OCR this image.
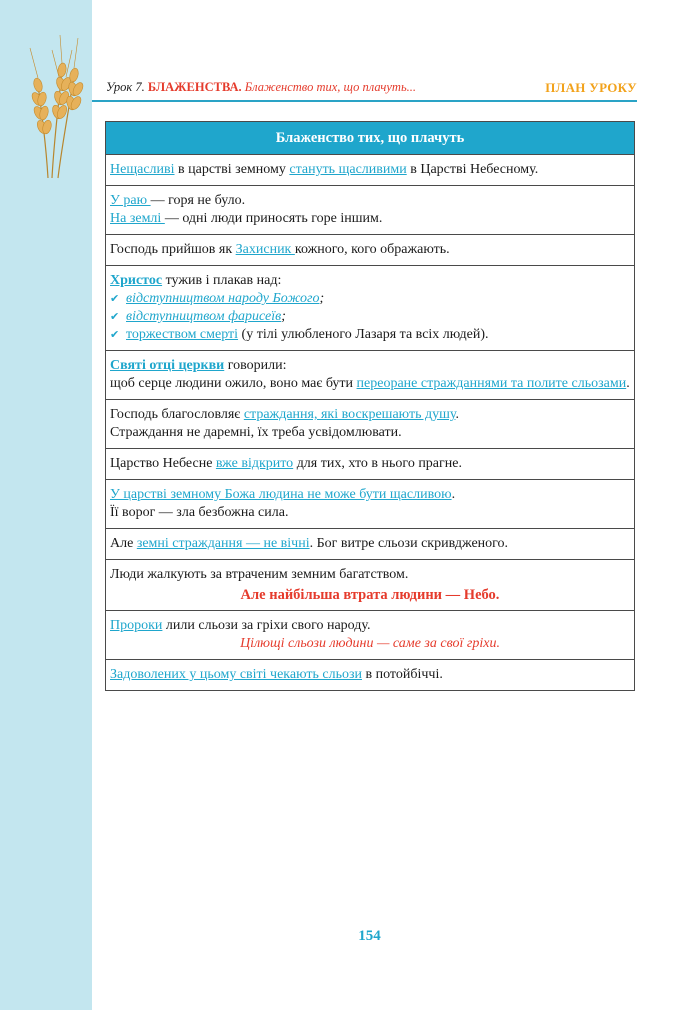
Урок 7. БЛАЖЕНСТВА. Блаженство тих, що плачуть...	ПЛАН УРОКУ
Блаженство тих, що плачуть
Нещасливі в царстві земному стануть щасливими в Царстві Небесному.

У раю — горя не було.
На землі — одні люди приносять горе іншим.

Господь прийшов як Захисник кожного, кого ображають.

Христос тужив і плакав над:
✔ відступництвом народу Божого;
✔ відступництвом фарисеїв;
✔ торжеством смерті (у тілі улюбленого Лазаря та всіх людей).

Святі отці церкви говорили:
щоб серце людини ожило, воно має бути переоране стражданнями та полите сльозами.

Господь благословляє страждання, які воскрешають душу.
Страждання не даремні, їх треба усвідомлювати.

Царство Небесне вже відкрито для тих, хто в нього прагне.

У царстві земному Божа людина не може бути щасливою.
Її ворог — зла безбожна сила.

Але земні страждання — не вічні. Бог витре сльози скривдженого.

Люди жалкують за втраченим земним багатством.
Але найбільша втрата людини — Небо.

Пророки лили сльози за гріхи свого народу.
Цілющі сльози людини — саме за свої гріхи.

Задоволених у цьому світі чекають сльози в потойбіччі.
154
